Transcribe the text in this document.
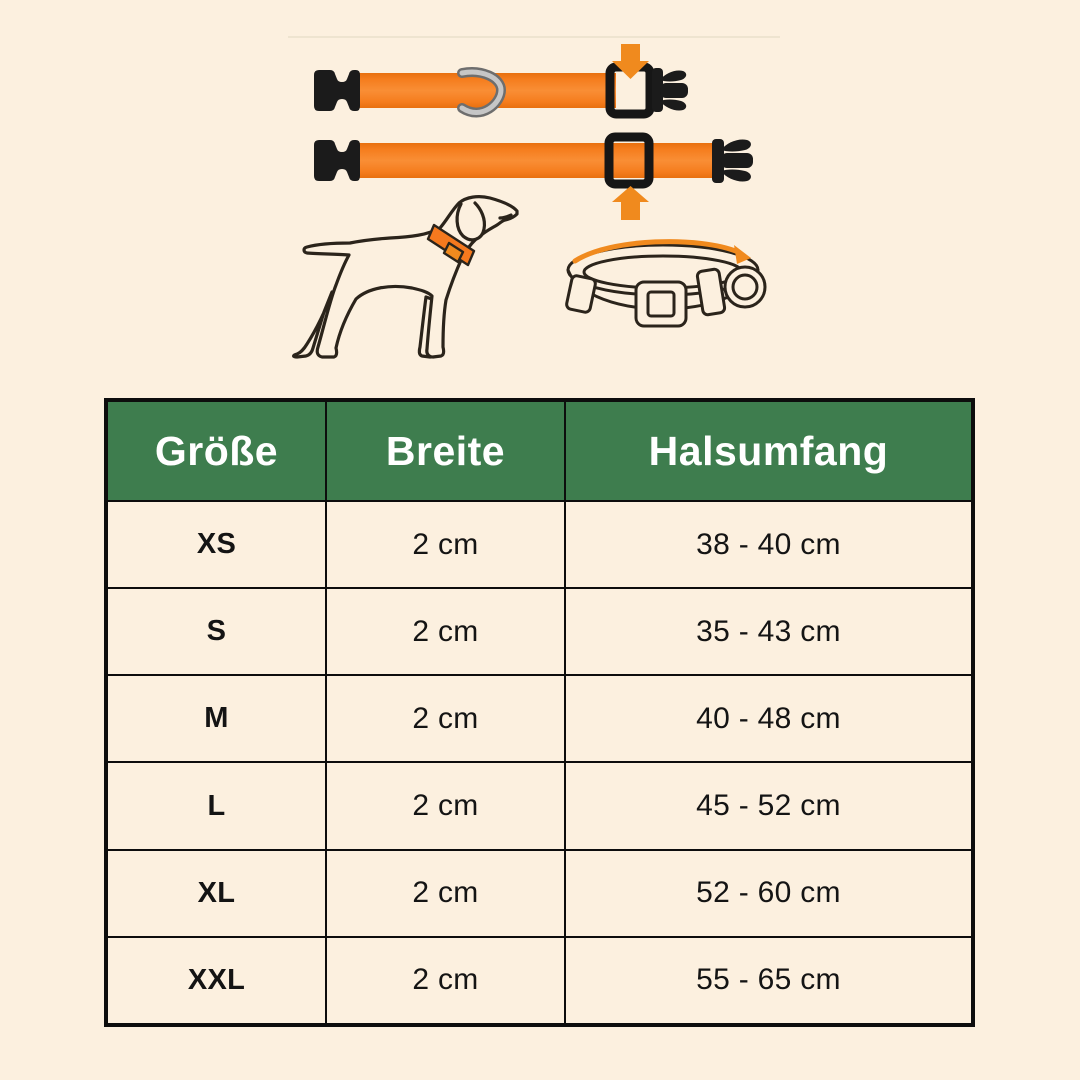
Größe	Breite	Halsumfang
XS	2 cm	38 - 40 cm
S	2 cm	35 - 43 cm
M	2 cm	40 - 48 cm
L	2 cm	45 - 52 cm
XL	2 cm	52 - 60 cm
XXL	2 cm	55 - 65 cm
